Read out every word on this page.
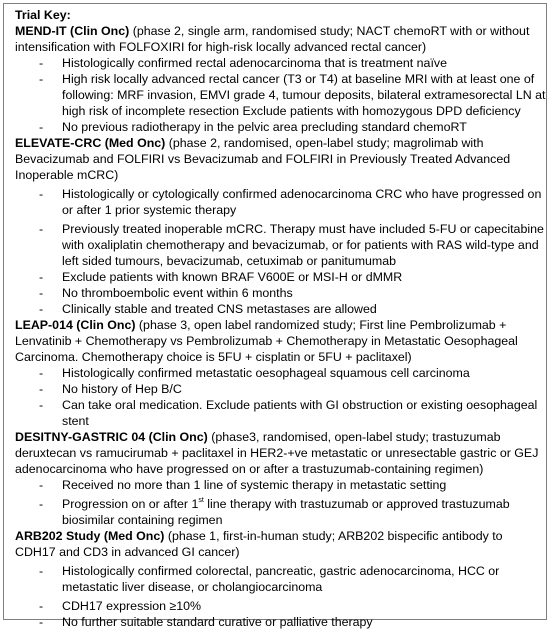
Trial Key:
MEND-IT (Clin Onc) (phase 2, single arm, randomised study; NACT chemoRT with or without intensification with FOLFOXIRI for high-risk locally advanced rectal cancer)
- Histologically confirmed rectal adenocarcinoma that is treatment naïve
- High risk locally advanced rectal cancer (T3 or T4) at baseline MRI with at least one of following: MRF invasion, EMVI grade 4, tumour deposits, bilateral extramesorectal LN at high risk of incomplete resection Exclude patients with homozygous DPD deficiency
- No previous radiotherapy in the pelvic area precluding standard chemoRT
ELEVATE-CRC (Med Onc) (phase 2, randomised, open-label study; magrolimab with Bevacizumab and FOLFIRI vs Bevacizumab and FOLFIRI in Previously Treated Advanced Inoperable mCRC)
- Histologically or cytologically confirmed adenocarcinoma CRC who have progressed on or after 1 prior systemic therapy
- Previously treated inoperable mCRC. Therapy must have included 5-FU or capecitabine with oxaliplatin chemotherapy and bevacizumab, or for patients with RAS wild-type and left sided tumours, bevacizumab, cetuximab or panitumumab
- Exclude patients with known BRAF V600E or MSI-H or dMMR
- No thromboembolic event within 6 months
- Clinically stable and treated CNS metastases are allowed
LEAP-014 (Clin Onc) (phase 3, open label randomized study; First line Pembrolizumab + Lenvatinib + Chemotherapy vs Pembrolizumab + Chemotherapy in Metastatic Oesophageal Carcinoma. Chemotherapy choice is 5FU + cisplatin or 5FU + paclitaxel)
- Histologically confirmed metastatic oesophageal squamous cell carcinoma
- No history of Hep B/C
- Can take oral medication. Exclude patients with GI obstruction or existing oesophageal stent
DESITNY-GASTRIC 04 (Clin Onc) (phase3, randomised, open-label study; trastuzumab deruxtecan vs ramucirumab + paclitaxel in HER2-+ve metastatic or unresectable gastric or GEJ adenocarcinoma who have progressed on or after a trastuzumab-containing regimen)
- Received no more than 1 line of systemic therapy in metastatic setting
- Progression on or after 1st line therapy with trastuzumab or approved trastuzumab biosimilar containing regimen
ARB202 Study (Med Onc) (phase 1, first-in-human study; ARB202 bispecific antibody to CDH17 and CD3 in advanced GI cancer)
- Histologically confirmed colorectal, pancreatic, gastric adenocarcinoma, HCC or metastatic liver disease, or cholangiocarcinoma
- CDH17 expression ≥10%
- No further suitable standard curative or palliative therapy
